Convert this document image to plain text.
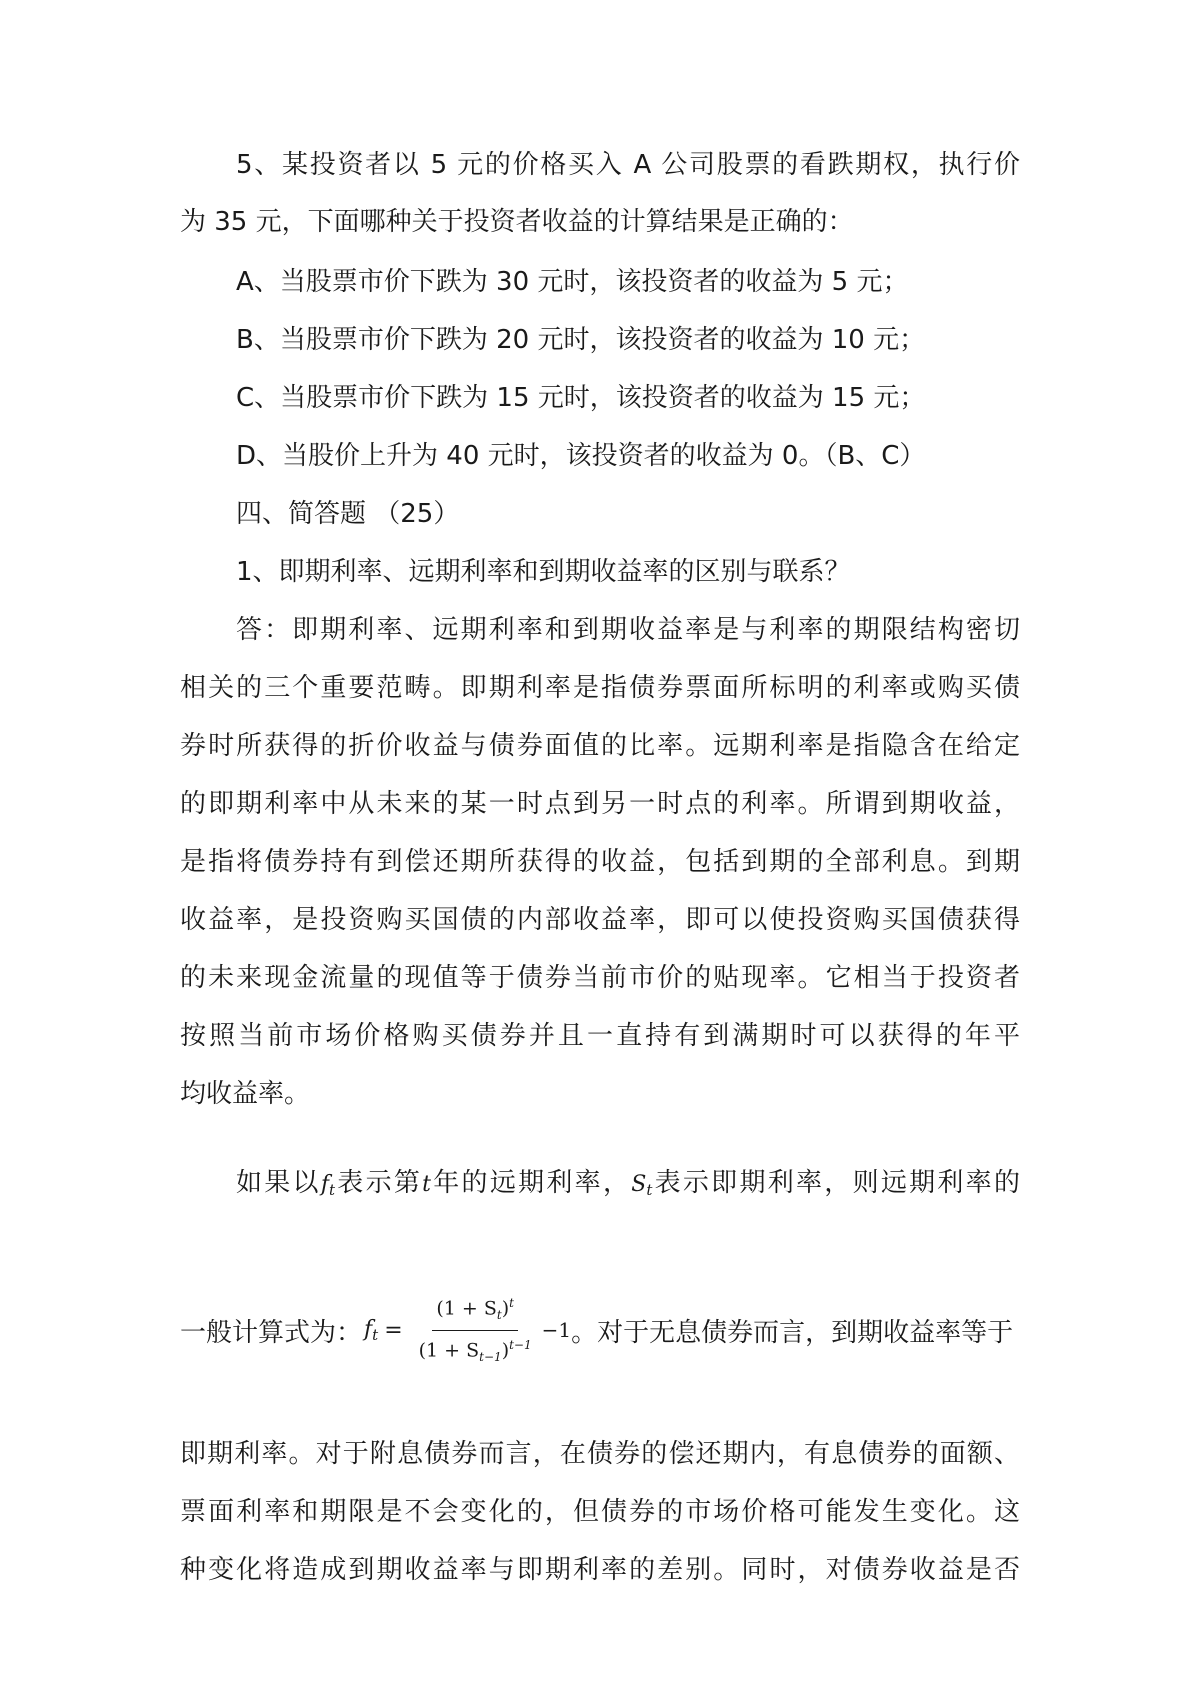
5、某投资者以 5 元的价格买入 A 公司股票的看跌期权，执行价
为 35 元，下面哪种关于投资者收益的计算结果是正确的：
A、当股票市价下跌为 30 元时，该投资者的收益为 5 元；
B、当股票市价下跌为 20 元时，该投资者的收益为 10 元；
C、当股票市价下跌为 15 元时，该投资者的收益为 15 元；
D、当股价上升为 40 元时，该投资者的收益为 0。（B、C）
四、简答题 （25）
1、即期利率、远期利率和到期收益率的区别与联系？
答：即期利率、远期利率和到期收益率是与利率的期限结构密切
相关的三个重要范畴。即期利率是指债券票面所标明的利率或购买债
券时所获得的折价收益与债券面值的比率。远期利率是指隐含在给定
的即期利率中从未来的某一时点到另一时点的利率。所谓到期收益，
是指将债券持有到偿还期所获得的收益，包括到期的全部利息。到期
收益率，是投资购买国债的内部收益率，即可以使投资购买国债获得
的未来现金流量的现值等于债券当前市价的贴现率。它相当于投资者
按照当前市场价格购买债券并且一直持有到满期时可以获得的年平
均收益率。
如果以$f_t$表示第t年的远期利率，$S_t$表示即期利率，则远期利率的
一般计算式为： $f_t = \frac{(1 + S_t)^t}{(1 + S_{t-1})^{t-1}} -1$ 。对于无息债券而言，到期收益率等于
即期利率。对于附息债券而言，在债券的偿还期内，有息债券的面额、
票面利率和期限是不会变化的，但债券的市场价格可能发生变化。这
种变化将造成到期收益率与即期利率的差别。同时，对债券收益是否
